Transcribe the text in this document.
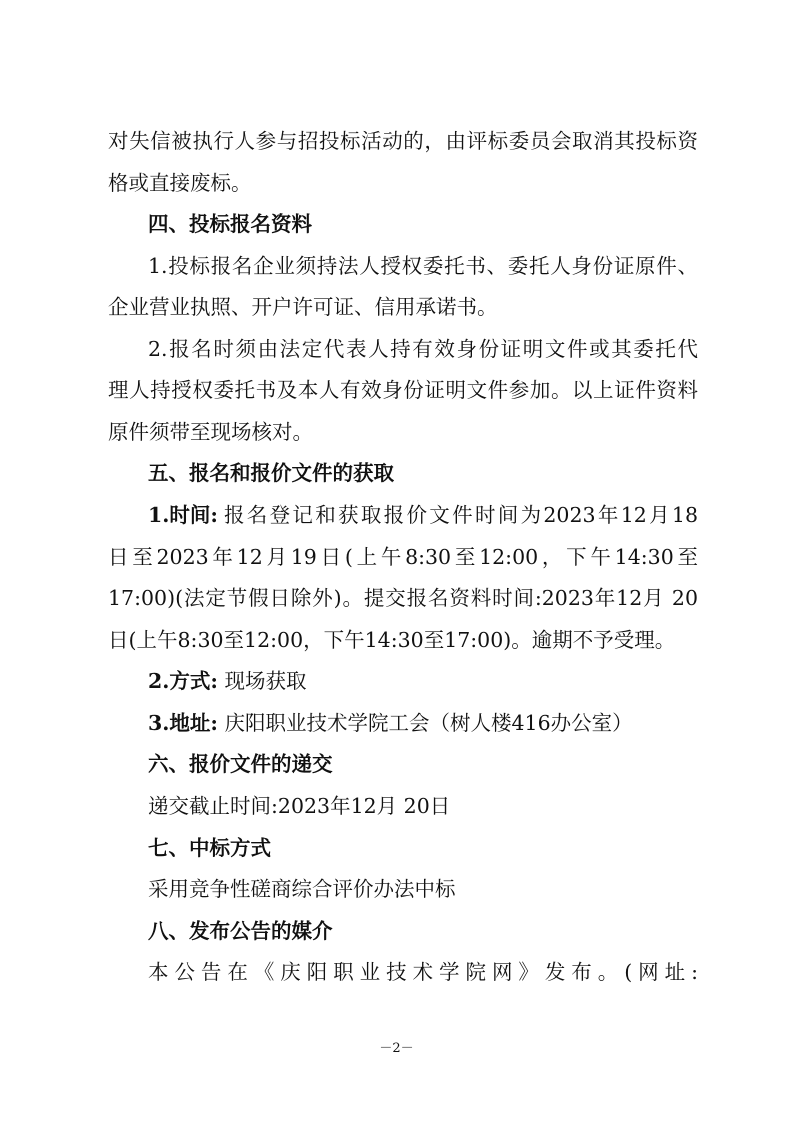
对失信被执行人参与招投标活动的，由评标委员会取消其投标资
格或直接废标。
四、投标报名资料
1.投标报名企业须持法人授权委托书、委托人身份证原件、
企业营业执照、开户许可证、信用承诺书。
2.报名时须由法定代表人持有效身份证明文件或其委托代
理人持授权委托书及本人有效身份证明文件参加。以上证件资料
原件须带至现场核对。
五、报名和报价文件的获取
1.时间: 报名登记和获取报价文件时间为2023年12月18
日至2023年12月19日(上午8:30至12:00，下午14:30至
17:00)(法定节假日除外)。提交报名资料时间:2023年12月 20
日(上午8:30至12:00，下午14:30至17:00)。逾期不予受理。
2.方式: 现场获取
3.地址: 庆阳职业技术学院工会（树人楼416办公室）
六、报价文件的递交
递交截止时间:2023年12月 20日
七、中标方式
采用竞争性磋商综合评价办法中标
八、发布公告的媒介
本公告在《庆阳职业技术学院网》发布。(网址:
－2－
